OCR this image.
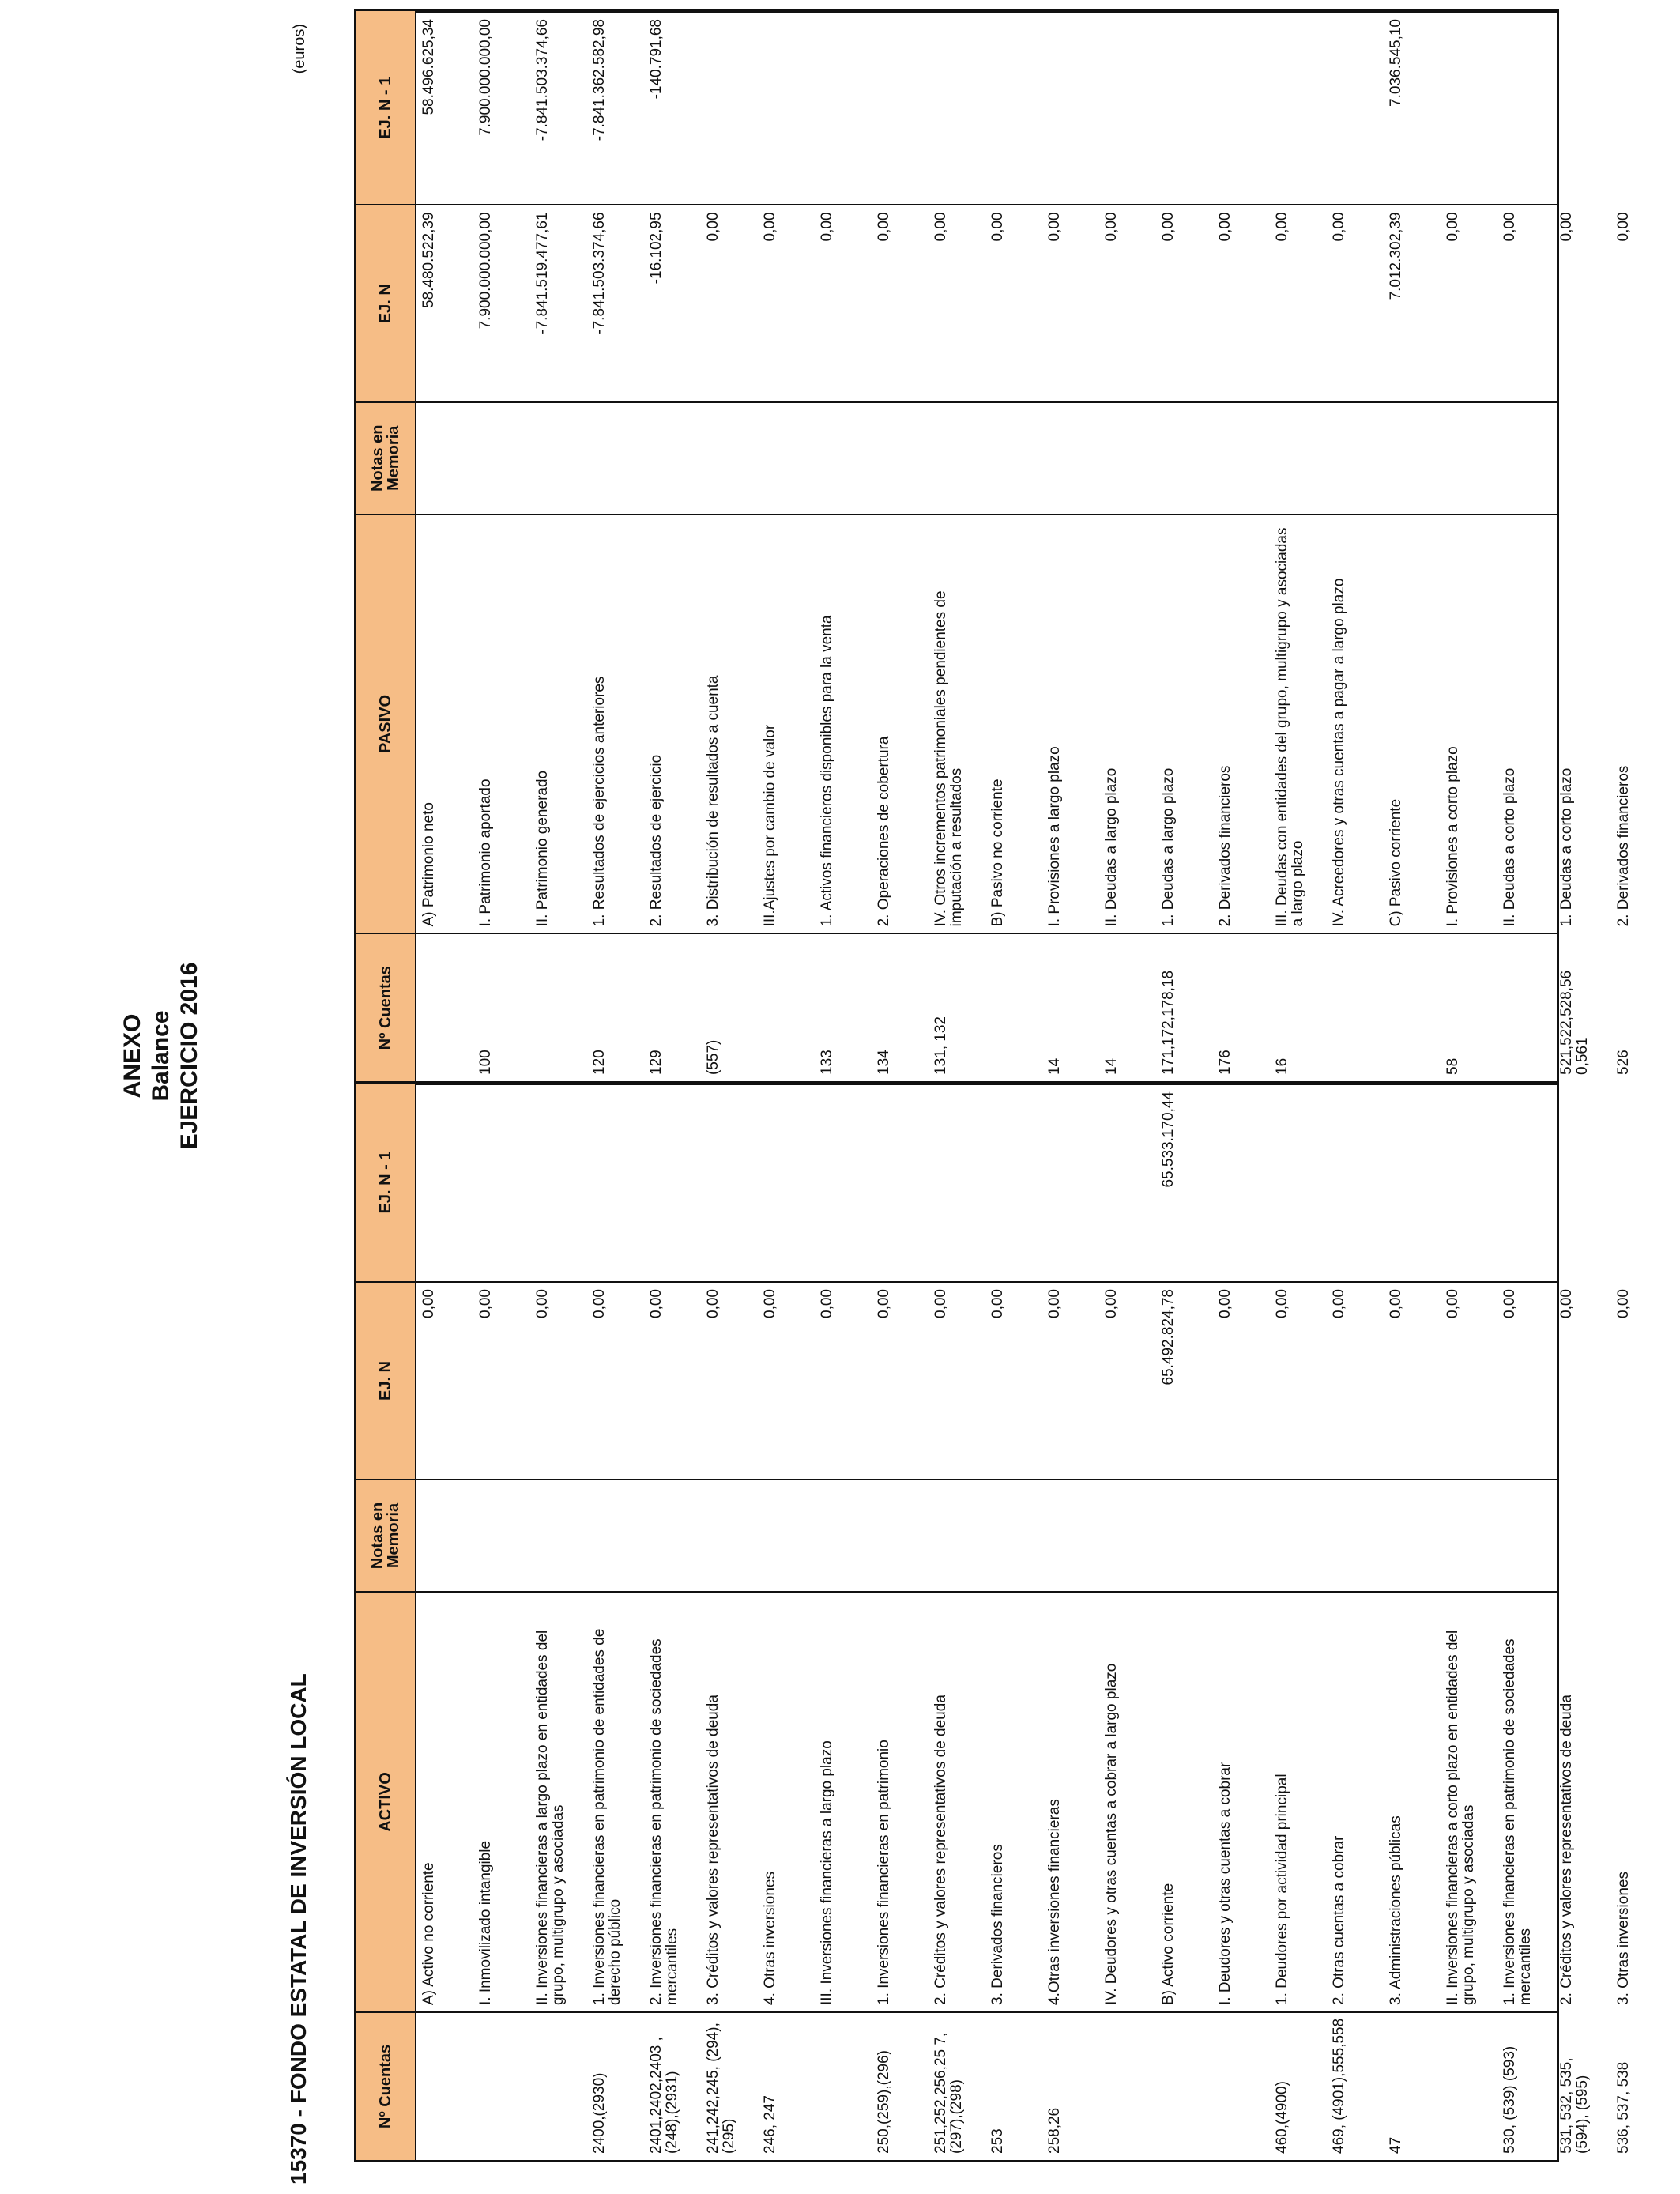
ANEXO Balance EJERCICIO 2016
15370 - FONDO ESTATAL DE INVERSIÓN LOCAL
(euros)
Nº Cuentas
ACTIVO
Notas en Memoria
EJ. N
EJ. N - 1
A) Activo no corriente
0,00
I. Inmovilizado intangible
0,00
II. Inversiones financieras a largo plazo en entidades del grupo, multigrupo y asociadas
0,00
2400,(2930)
1. Inversiones financieras en patrimonio de entidades de derecho público
0,00
2401,2402,2403 ,(248),(2931)
2. Inversiones financieras en patrimonio de sociedades mercantiles
0,00
241,242,245, (294),(295)
3. Créditos y valores representativos de deuda
0,00
246, 247
4. Otras inversiones
0,00
III. Inversiones financieras a largo plazo
0,00
250,(259),(296)
1. Inversiones financieras en patrimonio
0,00
251,252,256,25 7,(297),(298)
2. Créditos y valores representativos de deuda
0,00
253
3. Derivados financieros
0,00
258,26
4.Otras inversiones financieras
0,00
IV. Deudores y otras cuentas a cobrar a largo plazo
0,00
B) Activo corriente
65.492.824,78
65.533.170,44
I. Deudores y otras cuentas a cobrar
0,00
460,(4900)
1. Deudores por actividad principal
0,00
469, (4901),555,558
2. Otras cuentas a cobrar
0,00
47
3. Administraciones públicas
0,00
II. Inversiones financieras a corto plazo en entidades del grupo, multigrupo y asociadas
0,00
530, (539) (593)
1. Inversiones financieras en patrimonio de sociedades mercantiles
0,00
531, 532, 535, (594), (595)
2. Créditos y valores representativos de deuda
0,00
536, 537, 538
3. Otras inversiones
0,00
Nº Cuentas
PASIVO
Notas en Memoria
EJ. N
EJ. N - 1
A) Patrimonio neto
58.480.522,39
58.496.625,34
100
I. Patrimonio aportado
7.900.000.000,00
7.900.000.000,00
II. Patrimonio generado
-7.841.519.477,61
-7.841.503.374,66
120
1. Resultados de ejercicios anteriores
-7.841.503.374,66
-7.841.362.582,98
129
2. Resultados de ejercicio
-16.102,95
-140.791,68
(557)
3. Distribución de resultados a cuenta
0,00
III.Ajustes por cambio de valor
0,00
133
1. Activos financieros disponibles para la venta
0,00
134
2. Operaciones de cobertura
0,00
131, 132
IV. Otros incrementos patrimoniales pendientes de imputación a resultados
0,00
B) Pasivo no corriente
0,00
14
I. Provisiones a largo plazo
0,00
14
II. Deudas a largo plazo
0,00
171,172,178,18
1. Deudas a largo plazo
0,00
176
2. Derivados financieros
0,00
16
III. Deudas con entidades del grupo, multigrupo y asociadas a largo plazo
0,00
IV. Acreedores y otras cuentas a pagar a largo plazo
0,00
C) Pasivo corriente
7.012.302,39
7.036.545,10
58
I. Provisiones a corto plazo
0,00
II. Deudas a corto plazo
0,00
521,522,528,56 0,561
1. Deudas a corto plazo
0,00
526
2. Derivados financieros
0,00
